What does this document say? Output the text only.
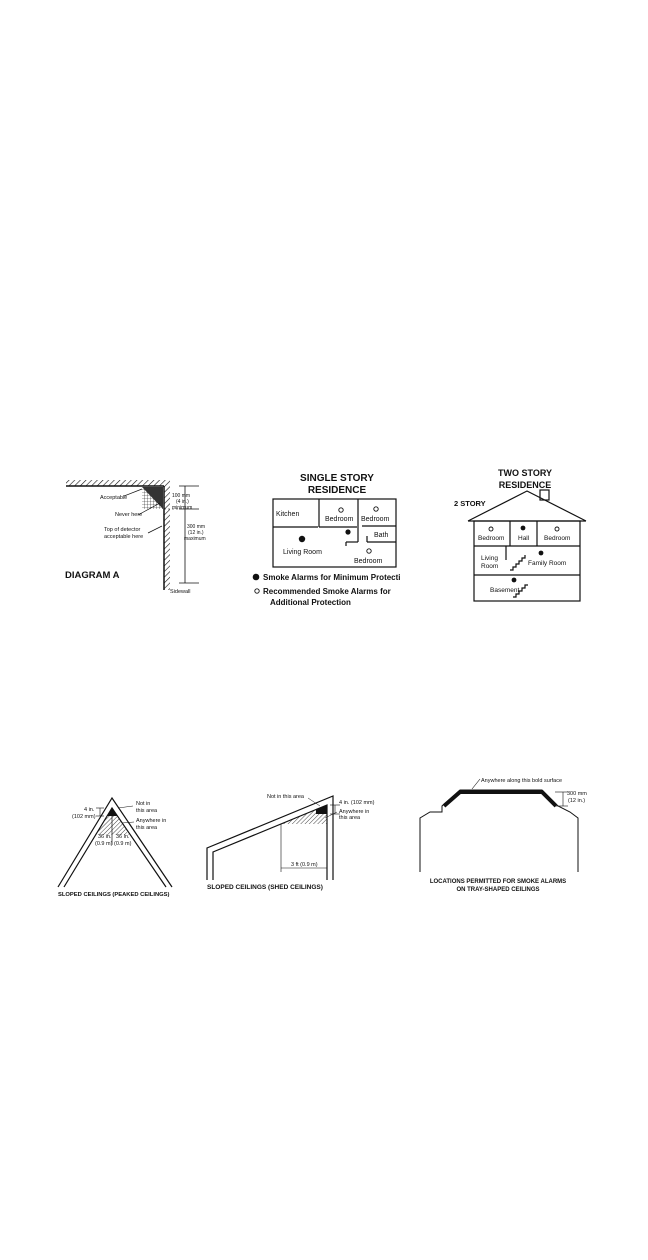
Acceptable
Never here
Top of detector
acceptable here
100 mm
(4 in.)
minimum
300 mm
(12 in.)
maximum
Sidewall
DIAGRAM A
SINGLE STORY
RESIDENCE
Kitchen
Bedroom Bedroom
Bath
Living Room
Bedroom
Smoke Alarms for Minimum Protecti
Recommended Smoke Alarms for
Additional Protection
TWO STORY
RESIDENCE
2 STORY
Bedroom Hall Bedroom
Living
Room	Family Room
Basement
4 in.
(102 mm)
Not in
this area
Anywhere in
this area
36 in.
(0.9 m)
36 in.
(0.9 m)
SLOPED CEILINGS (PEAKED CEILINGS)
Not in this area
4 in. (102 mm)
Anywhere in
this area
3 ft (0.9 m)
SLOPED CEILINGS (SHED CEILINGS)
Anywhere along this bold surface
300 mm
(12 in.)
LOCATIONS PERMITTED FOR SMOKE ALARMS
ON TRAY-SHAPED CEILINGS
